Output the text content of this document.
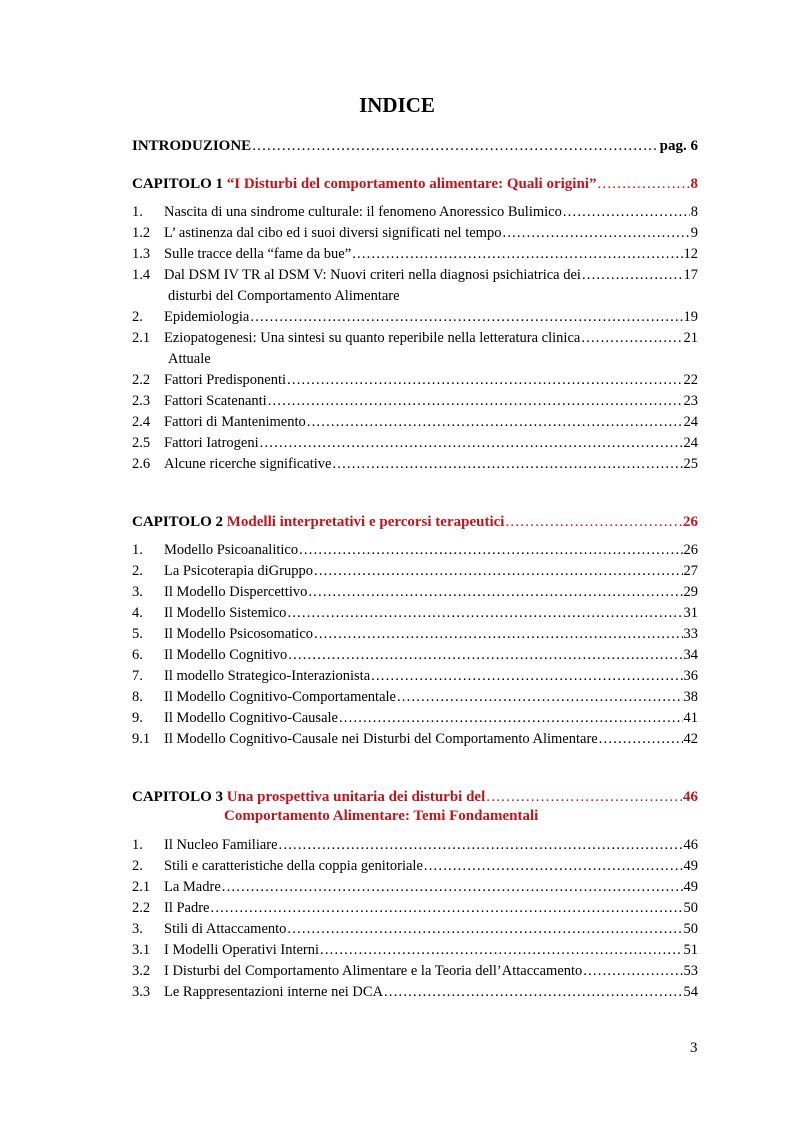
INDICE
INTRODUZIONE .....	pag. 6
CAPITOLO 1
“I Disturbi del comportamento alimentare: Quali origini” .....	8
1.	Nascita di una sindrome culturale: il fenomeno Anoressico Bulimico .....	8
1.2 L’ astinenza dal cibo ed i suoi diversi significati nel tempo .....	9
1.3 Sulle tracce della “fame da bue” .....	12
1.4 Dal DSM IV TR al DSM V: Nuovi criteri nella diagnosi psichiatrica dei .....	17
disturbi del Comportamento Alimentare
2.	Epidemiologia .....	19
2.1 Eziopatogenesi: Una sintesi su quanto reperibile nella letteratura clinica .....	21
Attuale
2.2 Fattori Predisponenti .....	22
2.3 Fattori Scatenanti .....	23
2.4 Fattori di Mantenimento .....	24
2.5 Fattori Iatrogeni .....	24
2.6 Alcune ricerche significative .....	25
CAPITOLO 2
Modelli interpretativi e percorsi terapeutici .....	26
1.	Modello Psicoanalitico .....	26
2.	La Psicoterapia diGruppo .....	27
3.	Il Modello Dispercettivo .....	29
4.	Il Modello Sistemico .....	31
5.	Il Modello Psicosomatico .....	33
6.	Il Modello Cognitivo .....	34
7.	Il modello Strategico-Interazionista .....	36
8.	Il Modello Cognitivo-Comportamentale .....	38
9.	Il Modello Cognitivo-Causale .....	41
9.1 Il Modello Cognitivo-Causale nei Disturbi del Comportamento Alimentare .....	42
CAPITOLO 3
Una prospettiva unitaria dei disturbi del .....	46
Comportamento Alimentare: Temi Fondamentali
1.	Il Nucleo Familiare .....	46
2.	Stili e caratteristiche della coppia genitoriale .....	49
2.1 La Madre .....	49
2.2 Il Padre .....	50
3.	Stili di Attaccamento .....	50
3.1 I Modelli Operativi Interni .....	51
3.2 I Disturbi del Comportamento Alimentare e la Teoria dell’Attaccamento .....	53
3.3 Le Rappresentazioni interne nei DCA .....	54
3
